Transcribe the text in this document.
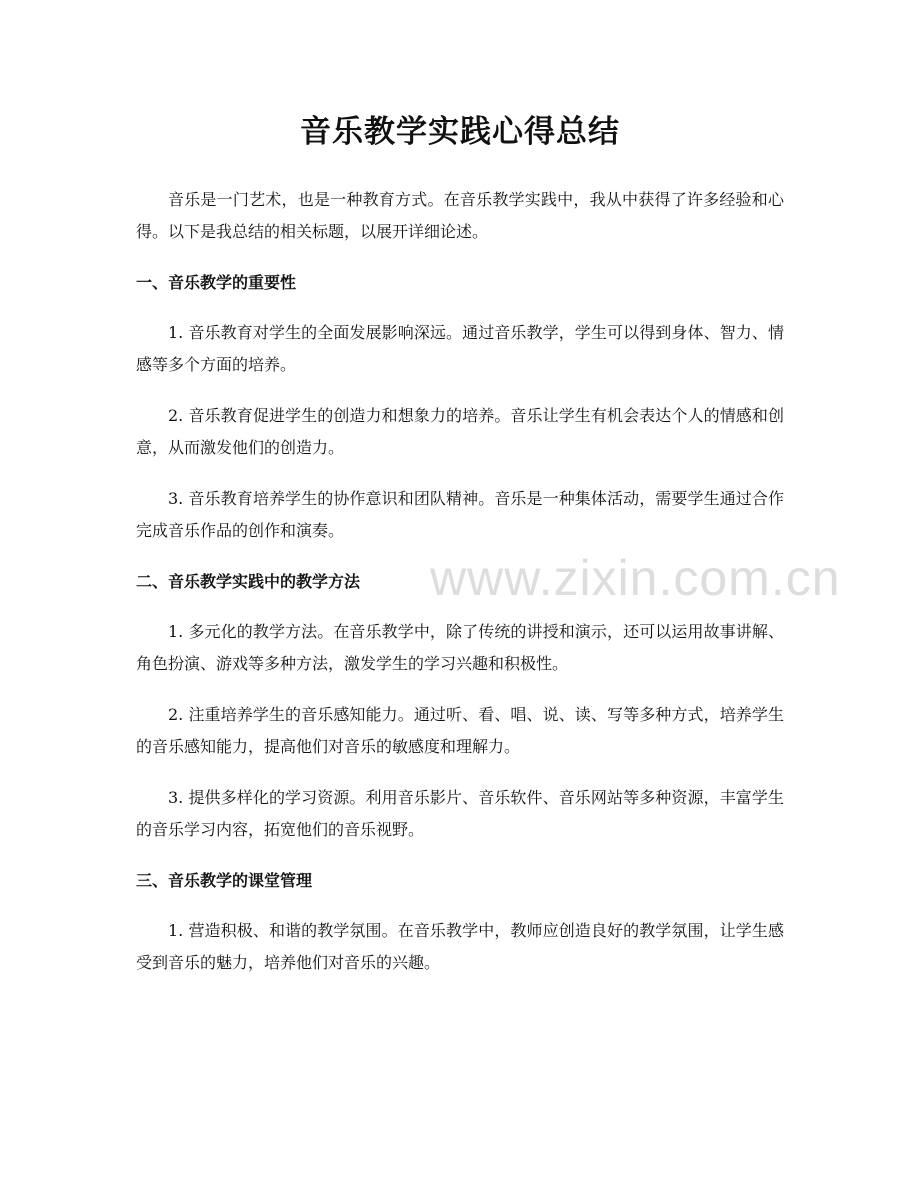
音乐教学实践心得总结

音乐是一门艺术，也是一种教育方式。在音乐教学实践中，我从中获得了许多经验和心得。以下是我总结的相关标题，以展开详细论述。

一、音乐教学的重要性

1. 音乐教育对学生的全面发展影响深远。通过音乐教学，学生可以得到身体、智力、情感等多个方面的培养。

2. 音乐教育促进学生的创造力和想象力的培养。音乐让学生有机会表达个人的情感和创意，从而激发他们的创造力。

3. 音乐教育培养学生的协作意识和团队精神。音乐是一种集体活动，需要学生通过合作完成音乐作品的创作和演奏。

二、音乐教学实践中的教学方法

1. 多元化的教学方法。在音乐教学中，除了传统的讲授和演示，还可以运用故事讲解、角色扮演、游戏等多种方法，激发学生的学习兴趣和积极性。

2. 注重培养学生的音乐感知能力。通过听、看、唱、说、读、写等多种方式，培养学生的音乐感知能力，提高他们对音乐的敏感度和理解力。

3. 提供多样化的学习资源。利用音乐影片、音乐软件、音乐网站等多种资源，丰富学生的音乐学习内容，拓宽他们的音乐视野。

三、音乐教学的课堂管理

1. 营造积极、和谐的教学氛围。在音乐教学中，教师应创造良好的教学氛围，让学生感受到音乐的魅力，培养他们对音乐的兴趣。

www.zixin.com.cn
